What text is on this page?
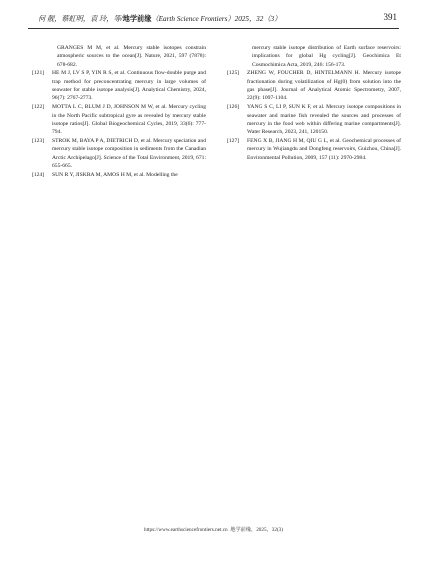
何 靓，蔡虹明，袁 玲，等/地学前缘（Earth Science Frontiers）2025，32（3）	391
GRANGES M M, et al. Mercury stable isotopes constrain atmospheric sources to the ocean[J]. Nature, 2021, 597 (7878): 678-682.
[121]	HE M J, LV S P, YIN R S, et al. Continuous flow-double purge and trap method for preconcentrating mercury in large volumes of seawater for stable isotope analysis[J]. Analytical Chemistry, 2024, 96(7): 2767-2773.
[122]	MOTTA L C, BLUM J D, JOHNSON M W, et al. Mercury cycling in the North Pacific subtropical gyre as revealed by mercury stable isotope ratios[J]. Global Biogeochemical Cycles, 2019, 33(6): 777-794.
[123]	STROK M, BAYA P A, DIETRICH D, et al. Mercury speciation and mercury stable isotope composition in sediments from the Canadian Arctic Archipelago[J]. Science of the Total Environment, 2019, 671: 655-665.
[124]	SUN R Y, JISKRA M, AMOS H M, et al. Modelling the
mercury stable isotope distribution of Earth surface reservoirs: implications for global Hg cycling[J]. Geochimica Et Cosmochimica Acta, 2019, 246: 156-173.
[125]	ZHENG W, FOUCHER D, HINTELMANN H. Mercury isotope fractionation during volatilization of Hg(0) from solution into the gas phase[J]. Journal of Analytical Atomic Spectrometry, 2007, 22(9): 1097-1104.
[126]	YANG S C, LI P, SUN K F, et al. Mercury isotope compositions in seawater and marine fish revealed the sources and processes of mercury in the food web within differing marine compartments[J]. Water Research, 2023, 241, 120150.
[127]	FENG X B, JIANG H M, QIU G L, et al. Geochemical processes of mercury in Wujiangdu and Dongfeng reservoirs, Guizhou, China[J]. Environmental Pollution, 2009, 157 (11): 2970-2984.
https://www.earthsciencefrontiers.net.cn 地学前缘，2025，32(3)
